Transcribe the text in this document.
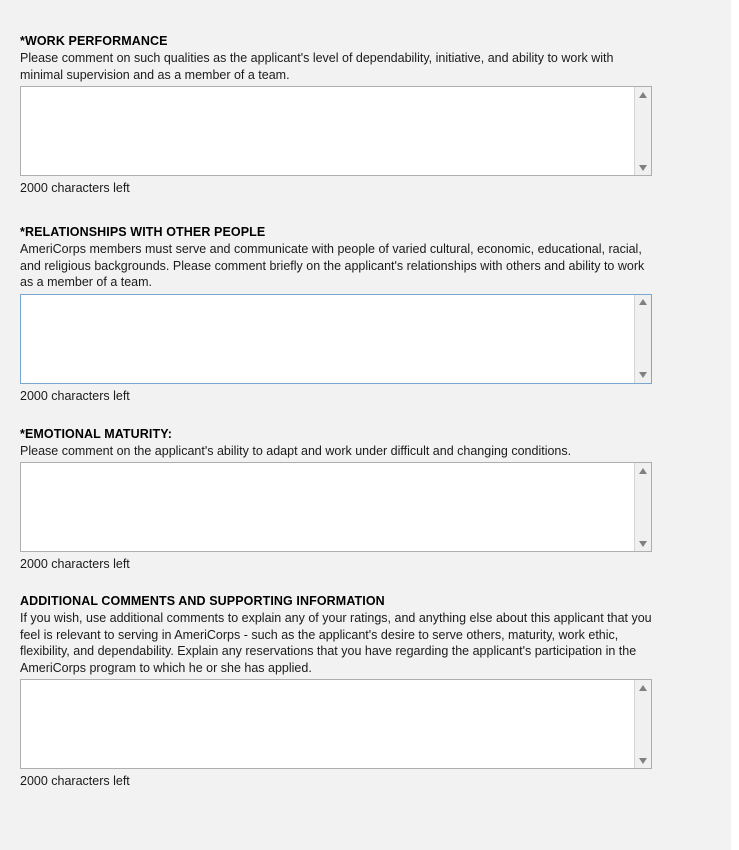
*WORK PERFORMANCE
Please comment on such qualities as the applicant's level of dependability, initiative, and ability to work with minimal supervision and as a member of a team.
2000 characters left
*RELATIONSHIPS WITH OTHER PEOPLE
AmeriCorps members must serve and communicate with people of varied cultural, economic, educational, racial, and religious backgrounds. Please comment briefly on the applicant's relationships with others and ability to work as a member of a team.
2000 characters left
*EMOTIONAL MATURITY:
Please comment on the applicant's ability to adapt and work under difficult and changing conditions.
2000 characters left
ADDITIONAL COMMENTS AND SUPPORTING INFORMATION
If you wish, use additional comments to explain any of your ratings, and anything else about this applicant that you feel is relevant to serving in AmeriCorps - such as the applicant's desire to serve others, maturity, work ethic, flexibility, and dependability. Explain any reservations that you have regarding the applicant's participation in the AmeriCorps program to which he or she has applied.
2000 characters left
